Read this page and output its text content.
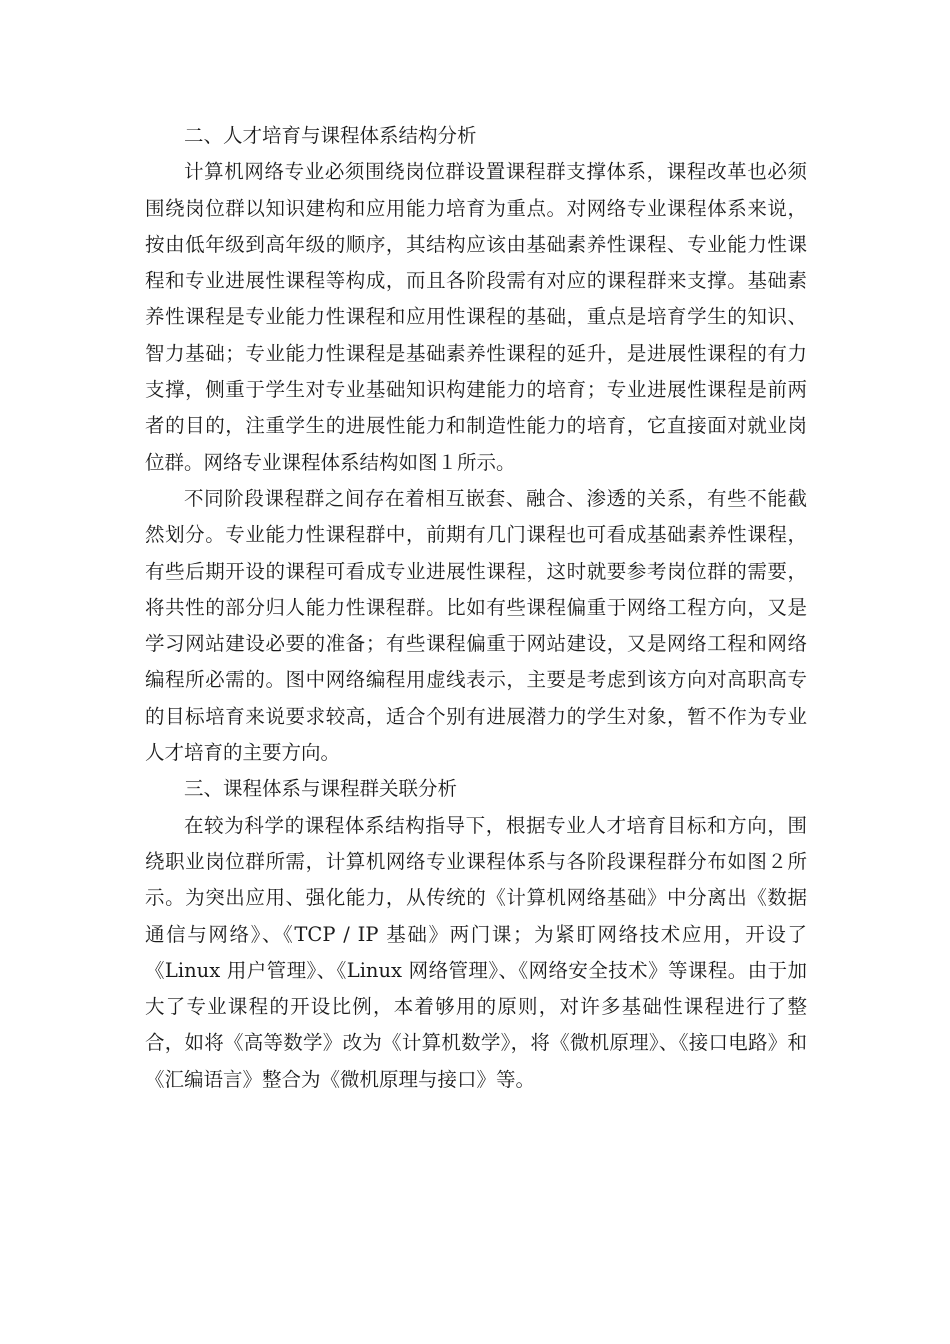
二、人才培育与课程体系结构分析

计算机网络专业必须围绕岗位群设置课程群支撑体系，课程改革也必须围绕岗位群以知识建构和应用能力培育为重点。对网络专业课程体系来说，按由低年级到高年级的顺序，其结构应该由基础素养性课程、专业能力性课程和专业进展性课程等构成，而且各阶段需有对应的课程群来支撑。基础素养性课程是专业能力性课程和应用性课程的基础，重点是培育学生的知识、智力基础；专业能力性课程是基础素养性课程的延升，是进展性课程的有力支撑，侧重于学生对专业基础知识构建能力的培育；专业进展性课程是前两者的目的，注重学生的进展性能力和制造性能力的培育，它直接面对就业岗位群。网络专业课程体系结构如图１所示。

不同阶段课程群之间存在着相互嵌套、融合、渗透的关系，有些不能截然划分。专业能力性课程群中，前期有几门课程也可看成基础素养性课程，有些后期开设的课程可看成专业进展性课程，这时就要参考岗位群的需要，将共性的部分归人能力性课程群。比如有些课程偏重于网络工程方向，又是学习网站建设必要的准备；有些课程偏重于网站建设，又是网络工程和网络编程所必需的。图中网络编程用虚线表示，主要是考虑到该方向对高职高专的目标培育来说要求较高，适合个别有进展潜力的学生对象，暂不作为专业人才培育的主要方向。

三、课程体系与课程群关联分析

在较为科学的课程体系结构指导下，根据专业人才培育目标和方向，围绕职业岗位群所需，计算机网络专业课程体系与各阶段课程群分布如图２所示。为突出应用、强化能力，从传统的《计算机网络基础》中分离出《数据通信与网络》、《TCP / IP 基础》两门课；为紧盯网络技术应用，开设了《Linux 用户管理》、《Linux 网络管理》、《网络安全技术》等课程。由于加大了专业课程的开设比例，本着够用的原则，对许多基础性课程进行了整合，如将《高等数学》改为《计算机数学》，将《微机原理》、《接口电路》和《汇编语言》整合为《微机原理与接口》等。
